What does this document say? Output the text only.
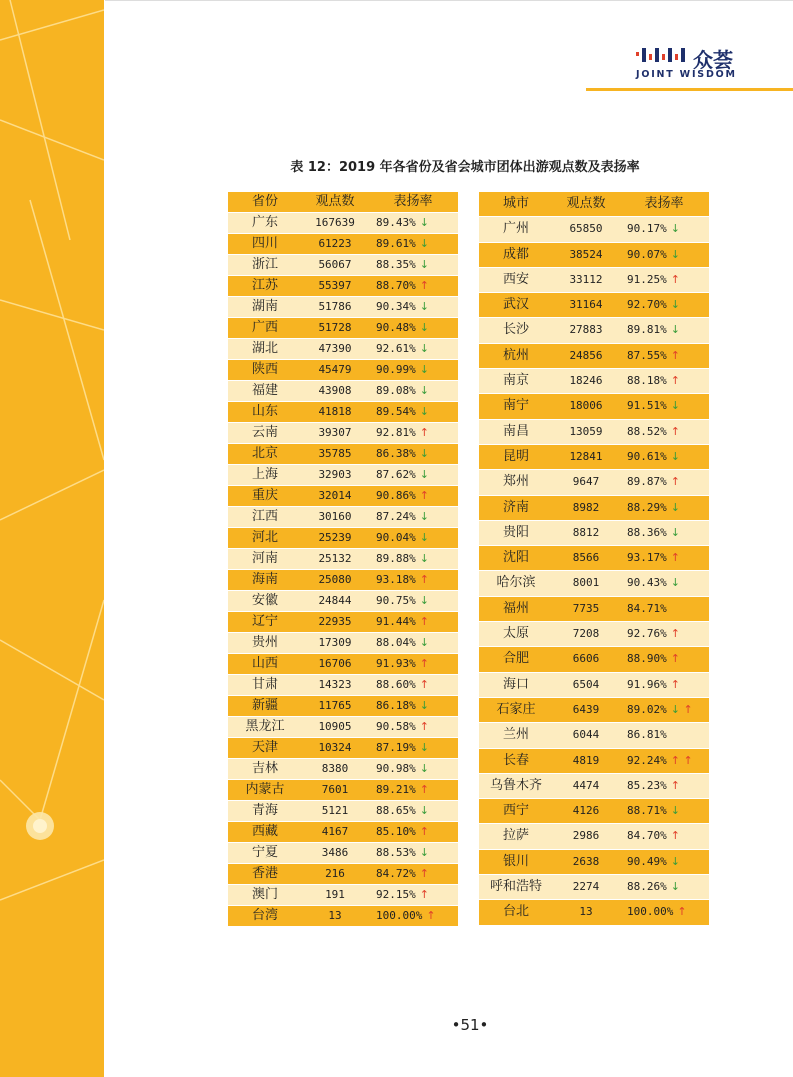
众荟
JOINT WISDOM
表 12：2019 年各省份及省会城市团体出游观点数及表扬率
省份	观点数	表扬率
广东	167639	89.43% ↓
四川	61223	89.61% ↓
浙江	56067	88.35% ↓
江苏	55397	88.70% ↑
湖南	51786	90.34% ↓
广西	51728	90.48% ↓
湖北	47390	92.61% ↓
陕西	45479	90.99% ↓
福建	43908	89.08% ↓
山东	41818	89.54% ↓
云南	39307	92.81% ↑
北京	35785	86.38% ↓
上海	32903	87.62% ↓
重庆	32014	90.86% ↑
江西	30160	87.24% ↓
河北	25239	90.04% ↓
河南	25132	89.88% ↓
海南	25080	93.18% ↑
安徽	24844	90.75% ↓
辽宁	22935	91.44% ↑
贵州	17309	88.04% ↓
山西	16706	91.93% ↑
甘肃	14323	88.60% ↑
新疆	11765	86.18% ↓
黑龙江	10905	90.58% ↑
天津	10324	87.19% ↓
吉林	8380	90.98% ↓
内蒙古	7601	89.21% ↑
青海	5121	88.65% ↓
西藏	4167	85.10% ↑
宁夏	3486	88.53% ↓
香港	216	84.72% ↑
澳门	191	92.15% ↑
台湾	13	100.00% ↑
城市	观点数	表扬率
广州	65850	90.17% ↓
成都	38524	90.07% ↓
西安	33112	91.25% ↑
武汉	31164	92.70% ↓
长沙	27883	89.81% ↓
杭州	24856	87.55% ↑
南京	18246	88.18% ↑
南宁	18006	91.51% ↓
南昌	13059	88.52% ↑
昆明	12841	90.61% ↓
郑州	9647	89.87% ↑
济南	8982	88.29% ↓
贵阳	8812	88.36% ↓
沈阳	8566	93.17% ↑
哈尔滨	8001	90.43% ↓
福州	7735	84.71%
太原	7208	92.76% ↑
合肥	6606	88.90% ↑
海口	6504	91.96% ↑
石家庄	6439	89.02% ↓ ↑
兰州	6044	86.81%
长春	4819	92.24% ↑ ↑
乌鲁木齐	4474	85.23% ↑
西宁	4126	88.71% ↓
拉萨	2986	84.70% ↑
银川	2638	90.49% ↓
呼和浩特	2274	88.26% ↓
台北	13	100.00% ↑
•51•
